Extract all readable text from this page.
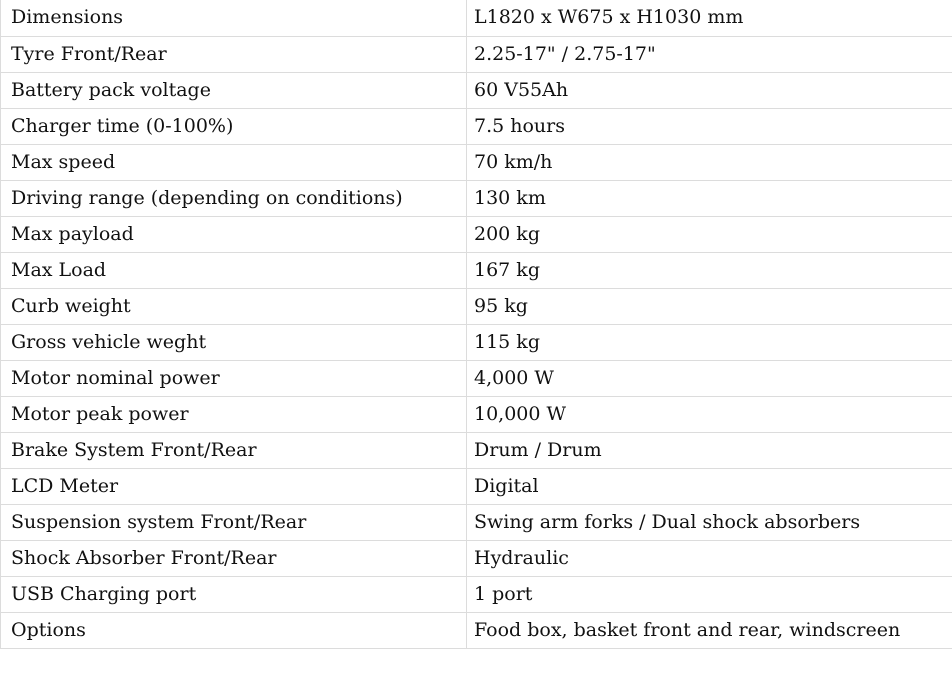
Dimensions	L1820 x W675 x H1030 mm
Tyre Front/Rear	2.25-17" / 2.75-17"
Battery pack voltage	60 V55Ah
Charger time (0-100%)	7.5 hours
Max speed	70 km/h
Driving range (depending on conditions)	130 km
Max payload	200 kg
Max Load	167 kg
Curb weight	95 kg
Gross vehicle weght	115 kg
Motor nominal power	4,000 W
Motor peak power	10,000 W
Brake System Front/Rear	Drum / Drum
LCD Meter	Digital
Suspension system Front/Rear	Swing arm forks / Dual shock absorbers
Shock Absorber Front/Rear	Hydraulic
USB Charging port	1 port
Options	Food box, basket front and rear, windscreen
